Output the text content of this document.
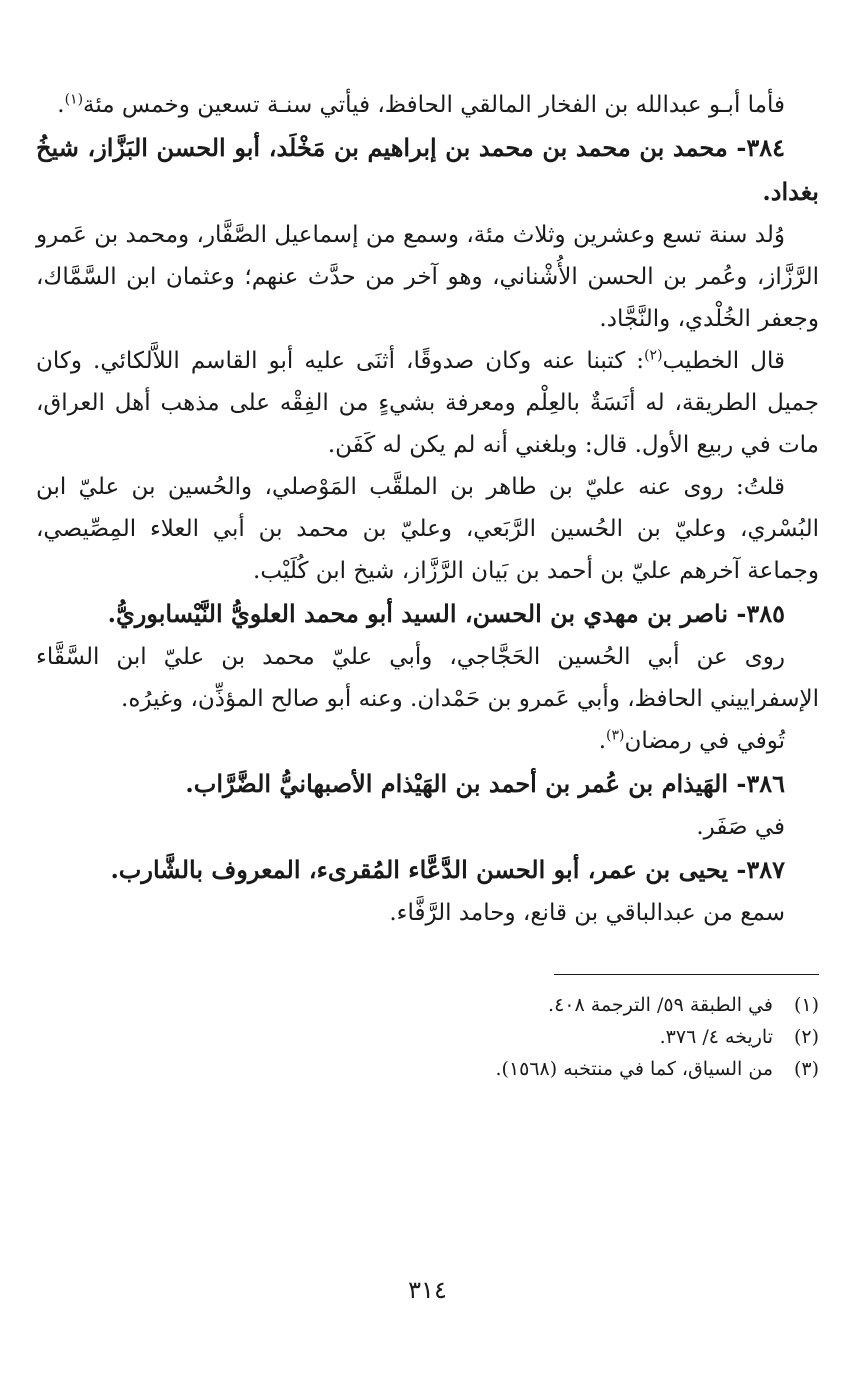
فأما أبـو عبدالله بن الفخار المالقي الحافظ، فيأتي سنـة تسعين وخمس مئة$^{(١)}$.

٣٨٤- محمد بن محمد بن محمد بن إبراهيم بن مَخْلَد، أبو الحسن البَزَّاز، شيخُ بغداد.

وُلد سنة تسع وعشرين وثلاث مئة، وسمع من إسماعيل الصَّفَّار، ومحمد بن عَمرو الرَّزَّاز، وعُمر بن الحسن الأُشْناني، وهو آخر من حدَّث عنهم؛ وعثمان ابن السَّمَّاك، وجعفر الخُلْدي، والنَّجَّاد.

قال الخطيب$^{(٢)}$: كتبنا عنه وكان صدوقًا، أثنَى عليه أبو القاسم اللاَّلكائي. وكان جميل الطريقة، له أنَسَةٌ بالعِلْم ومعرفة بشيءٍ من الفِقْه على مذهب أهل العراق، مات في ربيع الأول. قال: وبلغني أنه لم يكن له كَفَن.

قلتُ: روى عنه عليّ بن طاهر بن الملقَّب المَوْصلي، والحُسين بن عليّ ابن البُسْري، وعليّ بن الحُسين الرَّبَعي، وعليّ بن محمد بن أبي العلاء المِصِّيصي، وجماعة آخرهم عليّ بن أحمد بن بَيان الرَّزَّاز، شيخ ابن كُلَيْب.

٣٨٥- ناصر بن مهدي بن الحسن، السيد أبو محمد العلويُّ النَّيْسابوريُّ.

روى عن أبي الحُسين الحَجَّاجي، وأبي عليّ محمد بن عليّ ابن السَّقَّاء الإسفراييني الحافظ، وأبي عَمرو بن حَمْدان. وعنه أبو صالح المؤذِّن، وغيرُه.

تُوفي في رمضان$^{(٣)}$.

٣٨٦- الهَيذام بن عُمر بن أحمد بن الهَيْذام الأصبهانيُّ الضَّرَّاب.

في صَفَر.

٣٨٧- يحيى بن عمر، أبو الحسن الدَّعَّاء المُقرىء، المعروف بالشَّارب.

سمع من عبدالباقي بن قانع، وحامد الرَّفَّاء.

(١)
في الطبقة ٥٩/ الترجمة ٤٠٨.
(٢)
تاريخه ٤/ ٣٧٦.
(٣)
من السياق، كما في منتخبه (١٥٦٨).
٣١٤
